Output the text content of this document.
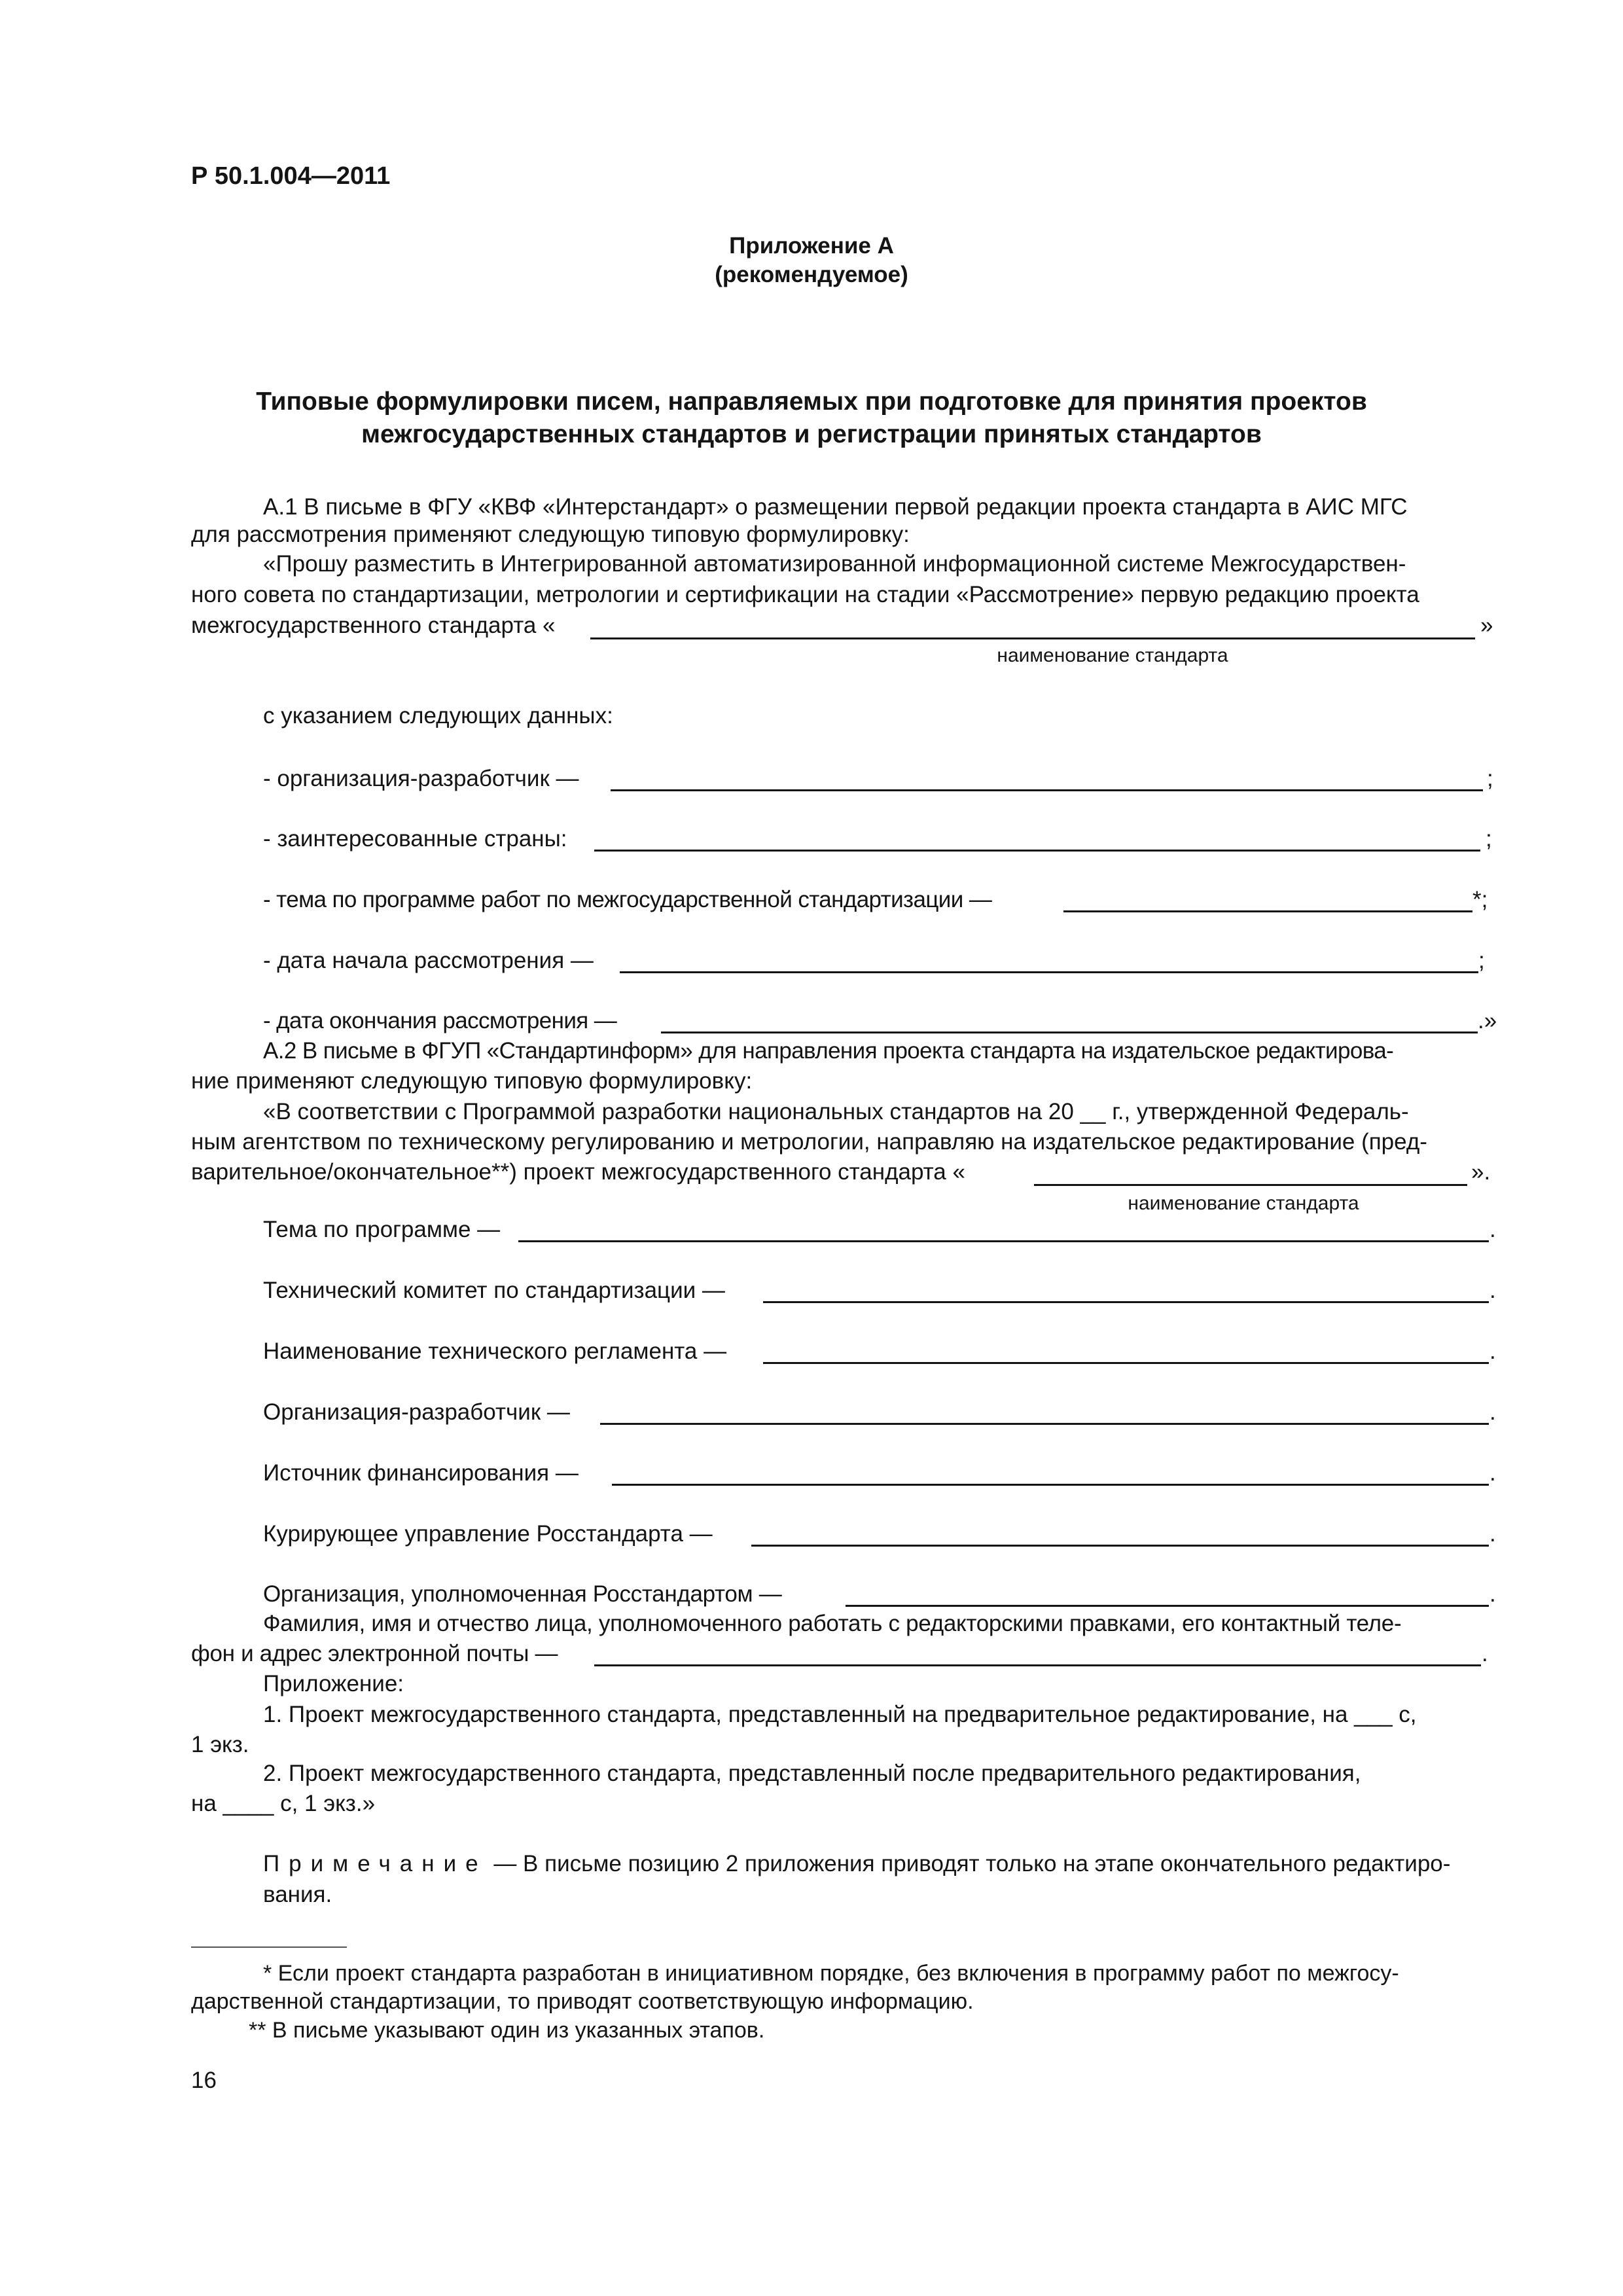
Р 50.1.004—2011
Приложение А
(рекомендуемое)
Типовые формулировки писем, направляемых при подготовке для принятия проектов
межгосударственных стандартов и регистрации принятых стандартов
А.1 В письме в ФГУ «КВФ «Интерстандарт» о размещении первой редакции проекта стандарта в АИС МГС
для рассмотрения применяют следующую типовую формулировку:
«Прошу разместить в Интегрированной автоматизированной информационной системе Межгосударствен-
ного совета по стандартизации, метрологии и сертификации на стадии «Рассмотрение» первую редакцию проекта
межгосударственного стандарта «	»
наименование стандарта
с указанием следующих данных:
- организация-разработчик —	;
- заинтересованные страны:	;
- тема по программе работ по межгосударственной стандартизации —	*;
- дата начала рассмотрения —	;
- дата окончания рассмотрения —	.»
А.2 В письме в ФГУП «Стандартинформ» для направления проекта стандарта на издательское редактирова-
ние применяют следующую типовую формулировку:
«В соответствии с Программой разработки национальных стандартов на 20 __ г., утвержденной Федераль-
ным агентством по техническому регулированию и метрологии, направляю на издательское редактирование (пред-
варительное/окончательное**) проект межгосударственного стандарта «	».
наименование стандарта
Тема по программе —	.
Технический комитет по стандартизации —	.
Наименование технического регламента —	.
Организация-разработчик —	.
Источник финансирования —	.
Курирующее управление Росстандарта —	.
Организация, уполномоченная Росстандартом —	.
Фамилия, имя и отчество лица, уполномоченного работать с редакторскими правками, его контактный теле-
фон и адрес электронной почты —	.
Приложение:
1. Проект межгосударственного стандарта, представленный на предварительное редактирование, на ___ с,
1 экз.
2. Проект межгосударственного стандарта, представленный после предварительного редактирования,
на ____ с, 1 экз.»
Примечание — В письме позицию 2 приложения приводят только на этапе окончательного редактиро-
вания.
* Если проект стандарта разработан в инициативном порядке, без включения в программу работ по межгосу-
дарственной стандартизации, то приводят соответствующую информацию.
** В письме указывают один из указанных этапов.
16
